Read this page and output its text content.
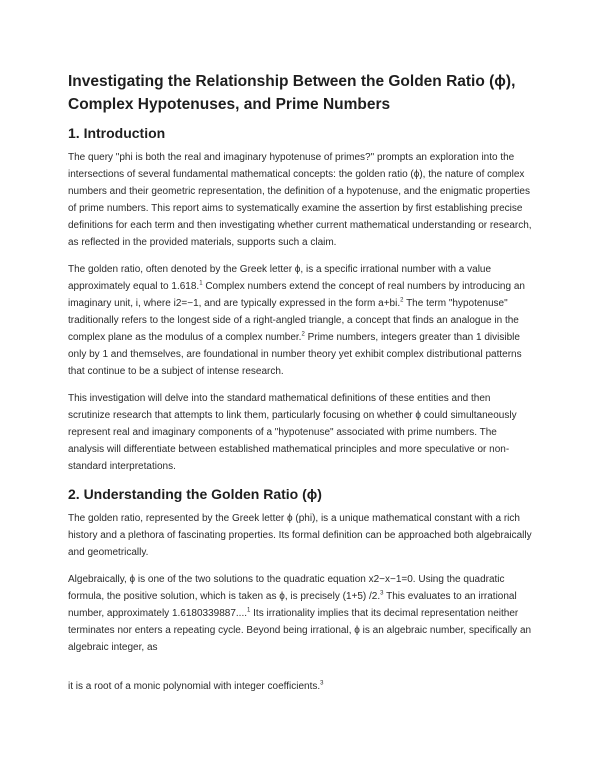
Investigating the Relationship Between the Golden Ratio (ϕ),
Complex Hypotenuses, and Prime Numbers
1. Introduction

The query "phi is both the real and imaginary hypotenuse of primes?" prompts an exploration into the intersections of several fundamental mathematical concepts: the golden ratio (ϕ), the nature of complex numbers and their geometric representation, the definition of a hypotenuse, and the enigmatic properties of prime numbers. This report aims to systematically examine the assertion by first establishing precise definitions for each term and then investigating whether current mathematical understanding or research, as reflected in the provided materials, supports such a claim.

The golden ratio, often denoted by the Greek letter ϕ, is a specific irrational number with a value approximately equal to 1.618.$^1$ Complex numbers extend the concept of real numbers by introducing an imaginary unit, i, where i2=−1, and are typically expressed in the form a+bi.$^2$ The term "hypotenuse" traditionally refers to the longest side of a right-angled triangle, a concept that finds an analogue in the complex plane as the modulus of a complex number.$^2$ Prime numbers, integers greater than 1 divisible only by 1 and themselves, are foundational in number theory yet exhibit complex distributional patterns that continue to be a subject of intense research.

This investigation will delve into the standard mathematical definitions of these entities and then scrutinize research that attempts to link them, particularly focusing on whether ϕ could simultaneously represent real and imaginary components of a "hypotenuse" associated with prime numbers. The analysis will differentiate between established mathematical principles and more speculative or non-standard interpretations.

2. Understanding the Golden Ratio (ϕ)

The golden ratio, represented by the Greek letter ϕ (phi), is a unique mathematical constant with a rich history and a plethora of fascinating properties. Its formal definition can be approached both algebraically and geometrically.

Algebraically, ϕ is one of the two solutions to the quadratic equation x2−x−1=0. Using the quadratic formula, the positive solution, which is taken as ϕ, is precisely (1+5) /2.$^3$ This evaluates to an irrational number, approximately 1.6180339887....$^1$ Its irrationality implies that its decimal representation neither terminates nor enters a repeating cycle. Beyond being irrational, ϕ is an algebraic number, specifically an algebraic integer, as

it is a root of a monic polynomial with integer coefficients.$^3$
